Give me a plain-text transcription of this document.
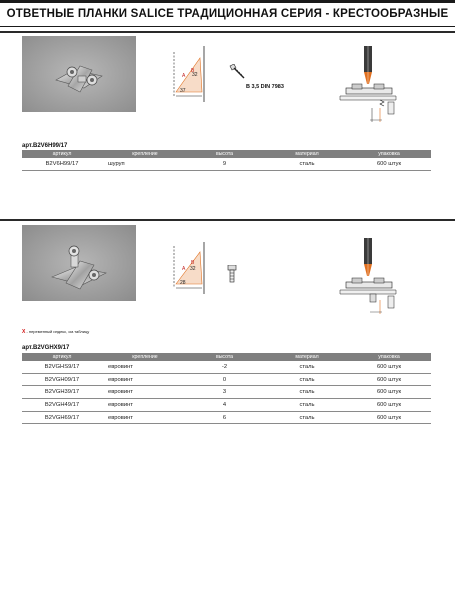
ОТВЕТНЫЕ ПЛАНКИ SALICE ТРАДИЦИОННАЯ СЕРИЯ - КРЕСТООБРАЗНЫЕ
A
B
32
37
B 3,5 DIN 7983
арт.B2V6H99/17
артикул	крепление	высота	материал	упаковка
B2V6H99/17	шуруп	9	сталь	600 штук
A
B
32
28
X - переменный индекс, см.таблицу
арт.B2VGHX9/17
артикул	крепление	высота	материал	упаковка
B2VGHS9/17	евровинт	-2	сталь	600 штук
B2VGH09/17	евровинт	0	сталь	600 штук
B2VGH39/17	евровинт	3	сталь	600 штук
B2VGH49/17	евровинт	4	сталь	600 штук
B2VGH69/17	евровинт	6	сталь	600 штук
